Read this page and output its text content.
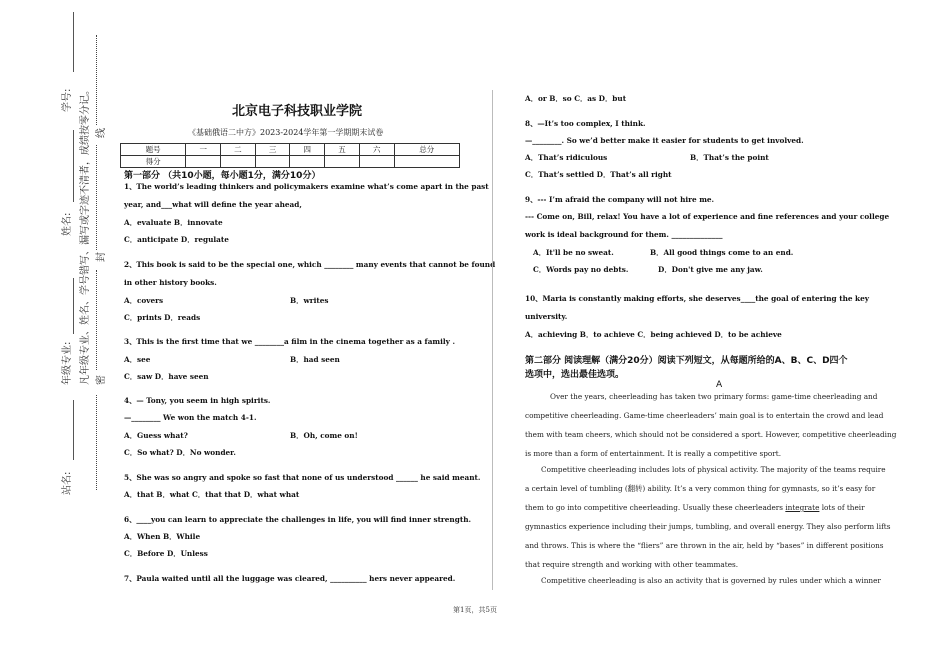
学号:
姓名:
年级专业:
站名:
凡年级专业、姓名、学号错写、漏写或字迹不清者，成绩按零分记。 密
封
线
北京电子科技职业学院
《基础俄语二中方》2023-2024学年第一学期期末试卷
题号	一	二	三	四	五	六	总分
得分							
第一部分 （共10小题，每小题1分，满分10分）
1、The world’s leading thinkers and policymakers examine what’s come apart in the past
year, and___what will define the year ahead,
A．evaluate B．innovate
C．anticipate D．regulate
2、This book is said to be the special one, which ________ many events that cannot be found
in other history books.
A．covers	B．writes
C．prints D．reads
3、This is the first time that we ________a film in the cinema together as a family .
A．see	B．had seen
C．saw D．have seen
4、— Tony, you seem in high spirits.
—________ We won the match 4-1.
A．Guess what?	B．Oh, come on!
C．So what? D．No wonder.
5、She was so angry and spoke so fast that none of us understood ______ he said meant.
A．that B．what C．that that D．what what
6、____you can learn to appreciate the challenges in life, you will find inner strength.
A．When B．While
C．Before D．Unless
7、Paula waited until all the luggage was cleared, __________ hers never appeared.
A．or B．so C．as D．but
8、—It’s too complex, I think.
—________. So we’d better make it easier for students to get involved.
A．That’s ridiculous	B．That’s the point
C．That’s settled D．That’s all right
9、--- I’m afraid the company will not hire me.
--- Come on, Bill, relax! You have a lot of experience and fine references and your college
work is ideal background for them. ______________
A．It'll be no sweat.	B．All good things come to an end.
C．Words pay no debts.	D．Don't give me any jaw.
10、Maria is constantly making efforts, she deserves____the goal of entering the key
university.
A．achieving B．to achieve C．being achieved D．to be achieve
第二部分 阅读理解（满分20分）阅读下列短文，从每题所给的A、B、C、D四个
选项中，选出最佳选项。
A
Over the years, cheerleading has taken two primary forms: game-time cheerleading and
competitive cheerleading. Game-time cheerleaders’ main goal is to entertain the crowd and lead
them with team cheers, which should not be considered a sport. However, competitive cheerleading
is more than a form of entertainment. It is really a competitive sport.
Competitive cheerleading includes lots of physical activity. The majority of the teams require
a certain level of tumbling (翻转) ability. It’s a very common thing for gymnasts, so it’s easy for
them to go into competitive cheerleading. Usually these cheerleaders integrate lots of their
gymnastics experience including their jumps, tumbling, and overall energy. They also perform lifts
and throws. This is where the “fliers” are thrown in the air, held by “bases” in different positions
that require strength and working with other teammates.
Competitive cheerleading is also an activity that is governed by rules under which a winner
第1页，共5页
